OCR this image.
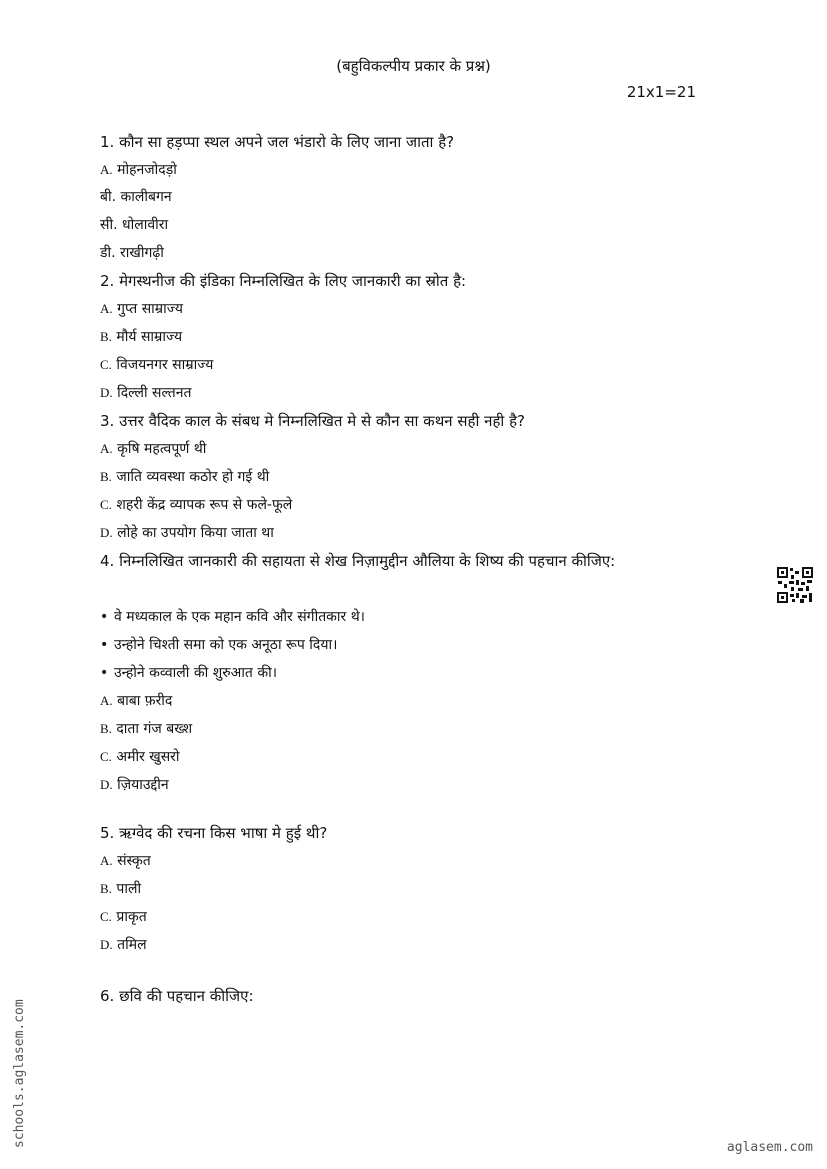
(बहुविकल्पीय प्रकार के प्रश्न)
21x1=21
1. कौन सा हड़प्पा स्थल अपने जल भंडारो के लिए जाना जाता है?
A. मोहनजोदड़ो
बी. कालीबगन
सी. धोलावीरा
डी. राखीगढ़ी
2. मेगस्थनीज की इंडिका निम्नलिखित के लिए जानकारी का स्रोत है:
A. गुप्त साम्राज्य
B. मौर्य साम्राज्य
C. विजयनगर साम्राज्य
D. दिल्ली सल्तनत
3. उत्तर वैदिक काल के संबध मे निम्नलिखित मे से कौन सा कथन सही नही है?
A. कृषि महत्वपूर्ण थी
B. जाति व्यवस्था कठोर हो गई थी
C. शहरी केंद्र व्यापक रूप से फले-फूले
D. लोहे का उपयोग किया जाता था
4. निम्नलिखित जानकारी की सहायता से शेख निज़ामुद्दीन औलिया के शिष्य की पहचान कीजिए:
• वे मध्यकाल के एक महान कवि और संगीतकार थे।
• उन्होने चिश्ती समा को एक अनूठा रूप दिया।
• उन्होने कव्वाली की शुरुआत की।
A. बाबा फ़रीद
B. दाता गंज बख्श
C. अमीर खुसरो
D. ज़ियाउद्दीन
5. ऋग्वेद की रचना किस भाषा मे हुई थी?
A. संस्कृत
B. पाली
C. प्राकृत
D. तमिल
6. छवि की पहचान कीजिए:
schools.aglasem.com	aglasem.com
